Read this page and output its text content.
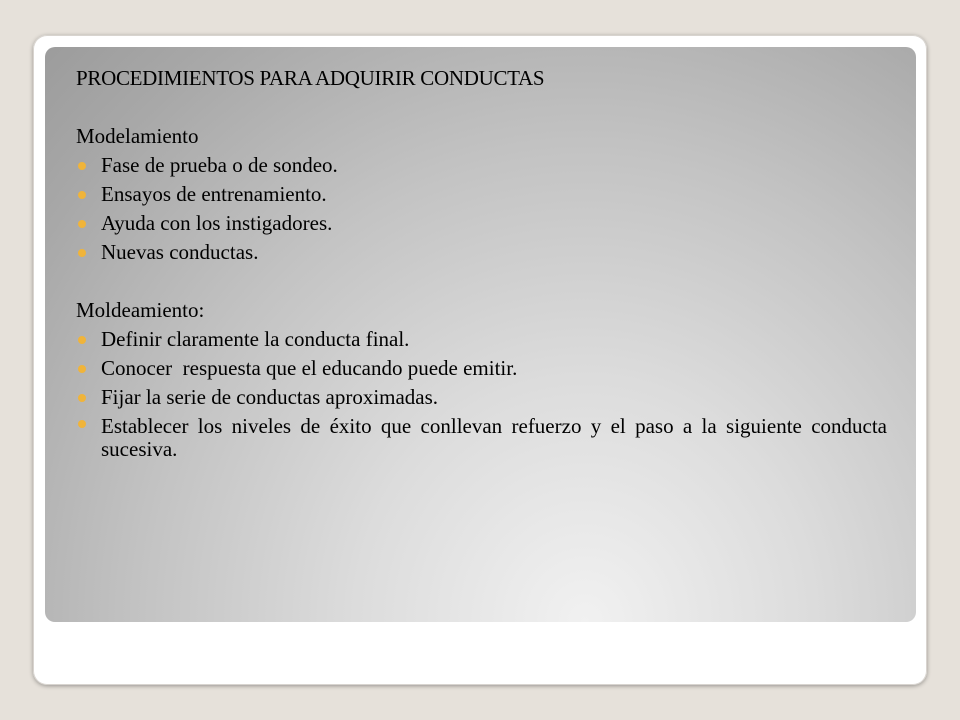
PROCEDIMIENTOS PARA ADQUIRIR CONDUCTAS

Modelamiento

Fase de prueba o de sondeo.
Ensayos de entrenamiento.
Ayuda con los instigadores.
Nuevas conductas.

Moldeamiento:

Definir claramente la conducta final.
Conocer  respuesta que el educando puede emitir.
Fijar la serie de conductas aproximadas.
Establecer los niveles de éxito que conllevan refuerzo y el paso a la siguiente conducta sucesiva.
